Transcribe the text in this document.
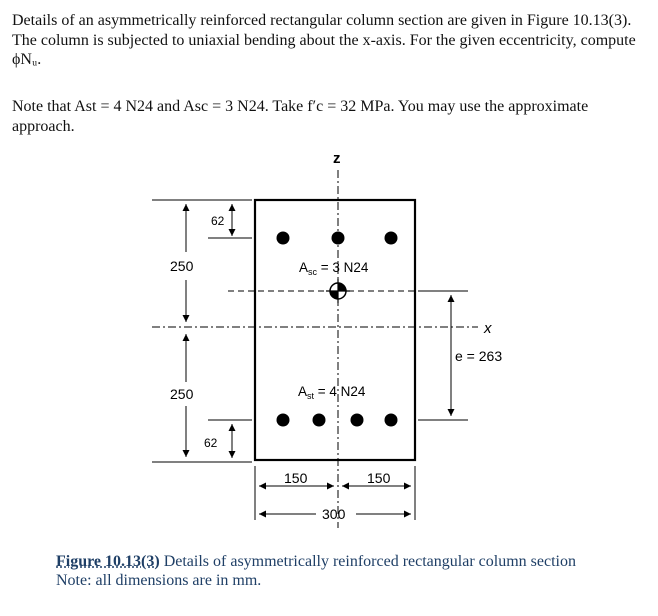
Details of an asymmetrically reinforced rectangular column section are given in Figure 10.13(3). The column is subjected to uniaxial bending about the x-axis. For the given eccentricity, compute ϕNᵤ.
Note that Ast = 4 N24 and Asc = 3 N24. Take f′c = 32 MPa. You may use the approximate approach.
z
x
$A_{sc} = 3$ N24
$A_{st} = 4$ N24
250
250
62
62
e = 263
150	150
300
Figure 10.13(3) Details of asymmetrically reinforced rectangular column section
Note: all dimensions are in mm.
